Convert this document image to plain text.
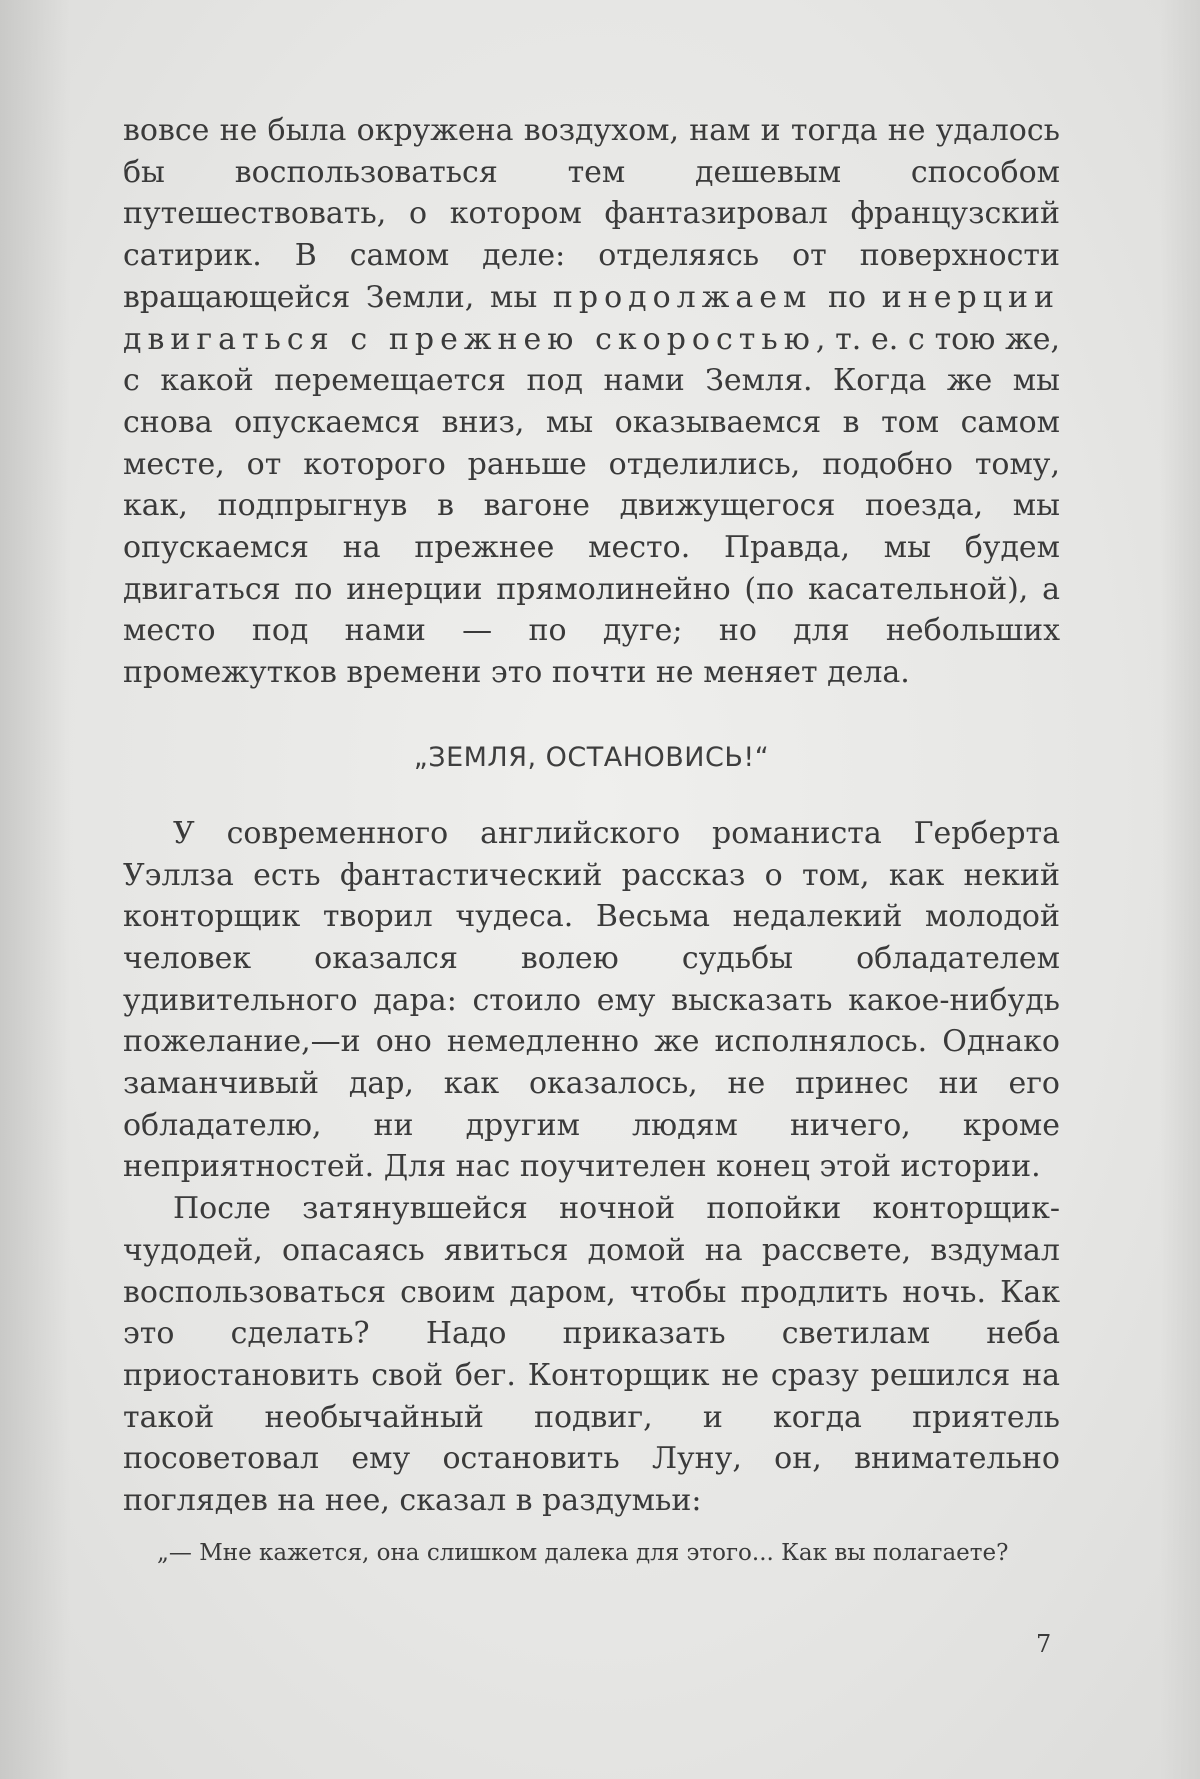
вовсе не была окружена воздухом, нам и тогда не удалось бы воспользоваться тем дешевым способом путешествовать, о котором фантазировал французский сатирик. В самом деле: отделяясь от поверхности вращающейся Земли, мы продолжаем по инерции двигаться с прежнею скоростью, т. е. с тою же, с какой перемещается под нами Земля. Когда же мы снова опускаемся вниз, мы оказываемся в том самом месте, от которого раньше отделились, подобно тому, как, подпрыгнув в вагоне движущегося поезда, мы опускаемся на прежнее место. Правда, мы будем двигаться по инерции прямолинейно (по касательной), а место под нами — по дуге; но для небольших промежутков времени это почти не меняет дела.

„ЗЕМЛЯ, ОСТАНОВИСЬ!“

У современного английского романиста Герберта Уэллза есть фантастический рассказ о том, как некий конторщик творил чудеса. Весьма недалекий молодой человек оказался волею судьбы обладателем удивительного дара: стоило ему высказать какое-нибудь пожелание,—и оно немедленно же исполнялось. Однако заманчивый дар, как оказалось, не принес ни его обладателю, ни другим людям ничего, кроме неприятностей. Для нас поучителен конец этой истории.

После затянувшейся ночной попойки конторщик-чудодей, опасаясь явиться домой на рассвете, вздумал воспользоваться своим даром, чтобы продлить ночь. Как это сделать? Надо приказать светилам неба приостановить свой бег. Конторщик не сразу решился на такой необычайный подвиг, и когда приятель посоветовал ему остановить Луну, он, внимательно поглядев на нее, сказал в раздумьи:

„— Мне кажется, она слишком далека для этого... Как вы полагаете?

7
